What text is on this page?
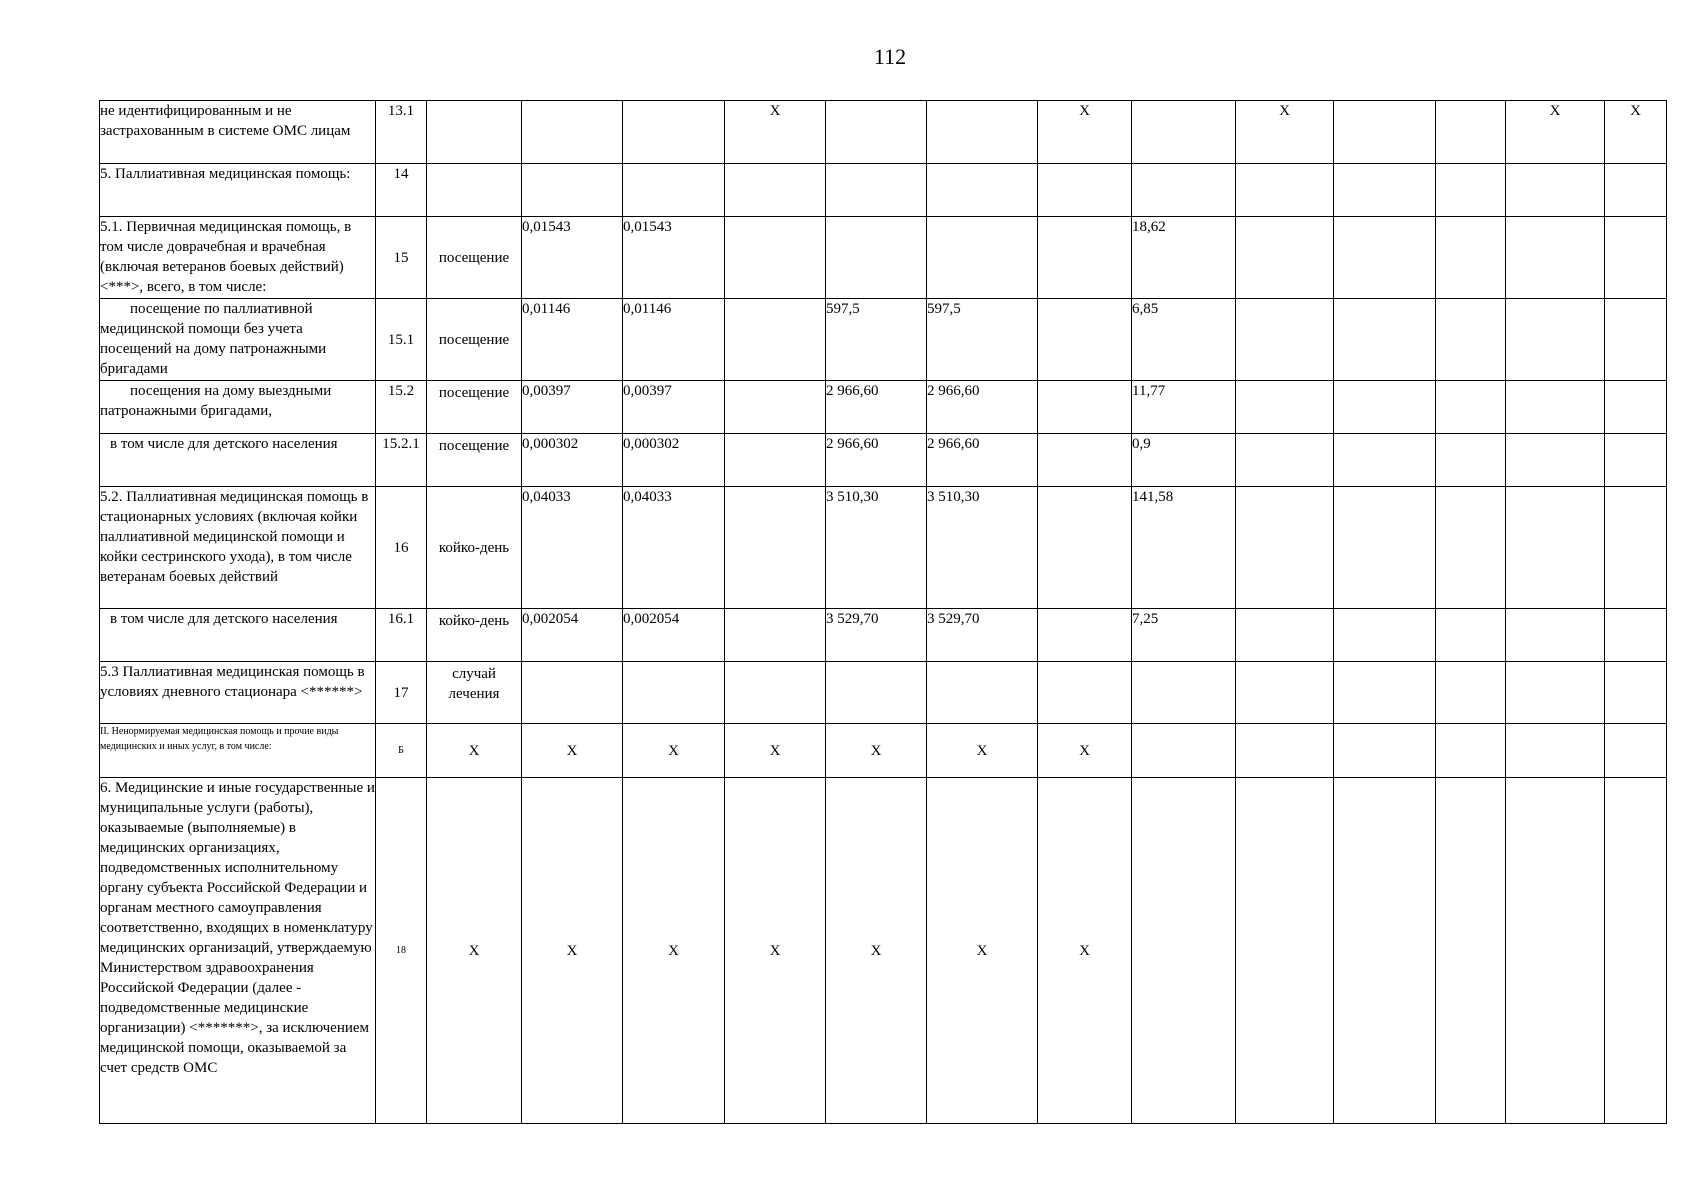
112
не идентифицированным и не застрахованным в системе ОМС лицам	13.1				X			X		X			X	X
5. Паллиативная медицинская помощь:	14													
5.1. Первичная медицинская помощь, в том числе доврачебная и врачебная (включая ветеранов боевых действий) <***>, всего, в том числе:	15	посещение	0,01543	0,01543					18,62					
посещение по паллиативной медицинской помощи без учета посещений на дому патронажными бригадами	15.1	посещение	0,01146	0,01146		597,5	597,5		6,85					
посещения на дому выездными патронажными бригадами,	15.2	посещение	0,00397	0,00397		2 966,60	2 966,60		11,77					
в том числе для детского населения	15.2.1	посещение	0,000302	0,000302		2 966,60	2 966,60		0,9					
5.2. Паллиативная медицинская помощь в стационарных условиях (включая койки паллиативной медицинской помощи и койки сестринского ухода), в том числе ветеранам боевых действий	16	койко-день	0,04033	0,04033		3 510,30	3 510,30		141,58					
в том числе для детского населения	16.1	койко-день	0,002054	0,002054		3 529,70	3 529,70		7,25					
5.3 Паллиативная медицинская помощь в условиях дневного стационара <******>	17	случай лечения												
II. Ненормируемая медицинская помощь и прочие виды медицинских и иных услуг, в том числе:	Б	X	X	X	X	X	X	X						
6. Медицинские и иные государственные и муниципальные услуги (работы), оказываемые (выполняемые) в медицинских организациях, подведомственных исполнительному органу субъекта Российской Федерации и органам местного самоуправления соответственно, входящих в номенклатуру медицинских организаций, утверждаемую Министерством здравоохранения Российской Федерации (далее - подведомственные медицинские организации) <*******>, за исключением медицинской помощи, оказываемой за счет средств ОМС	18	X	X	X	X	X	X	X						
